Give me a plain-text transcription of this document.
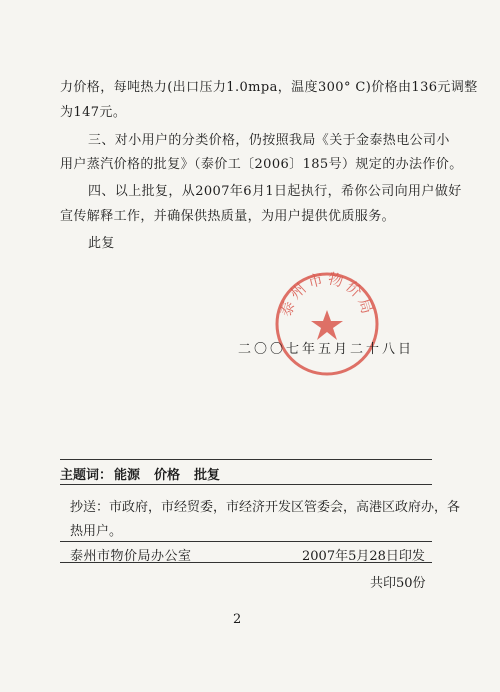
力价格，每吨热力(出口压力1.0mpa，温度300° C)价格由136元调整
为147元。
三、对小用户的分类价格，仍按照我局《关于金泰热电公司小
用户蒸汽价格的批复》（泰价工〔2006〕185号）规定的办法作价。
四、以上批复，从2007年6月1日起执行，希你公司向用户做好
宣传解释工作，并确保供热质量，为用户提供优质服务。
此复
泰州市物价局
二〇〇七年五月二十八日
主题词： 能源 价格 批复
抄送：市政府，市经贸委，市经济开发区管委会，高港区政府办，各
热用户。
泰州市物价局办公室	2007年5月28日印发
共印50份
2
